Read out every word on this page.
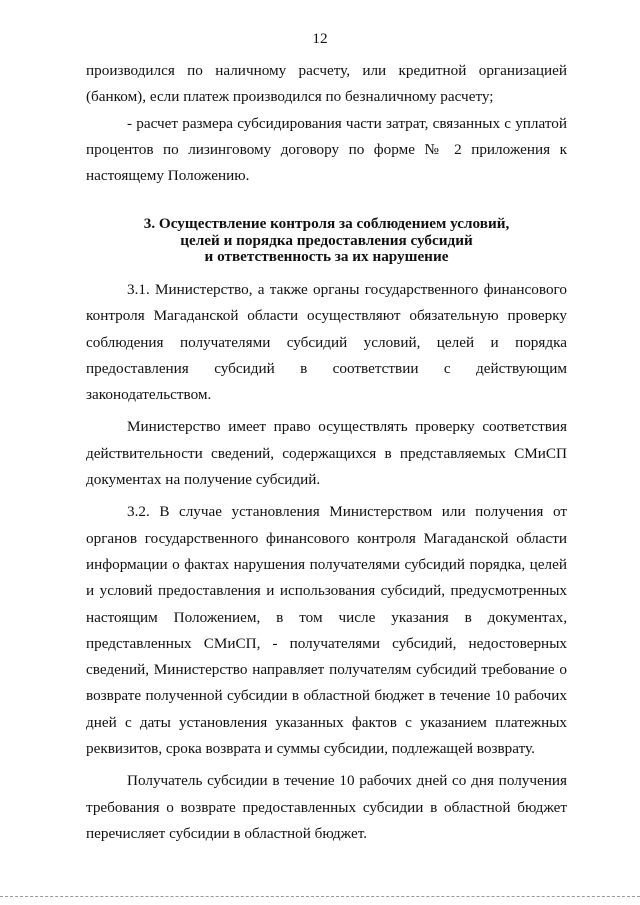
12

производился по наличному расчету, или кредитной организацией (банком), если платеж производился по безналичному расчету;

- расчет размера субсидирования части затрат, связанных с уплатой процентов по лизинговому договору по форме № 2 приложения к настоящему Положению.

3. Осуществление контроля за соблюдением условий,
целей и порядка предоставления субсидий
и ответственность за их нарушение

3.1. Министерство, а также органы государственного финансового контроля Магаданской области осуществляют обязательную проверку соблюдения получателями субсидий условий, целей и порядка предоставления субсидий в соответствии с действующим законодательством.

Министерство имеет право осуществлять проверку соответствия действительности сведений, содержащихся в представляемых СМиСП документах на получение субсидий.

3.2. В случае установления Министерством или получения от органов государственного финансового контроля Магаданской области информации о фактах нарушения получателями субсидий порядка, целей и условий предоставления и использования субсидий, предусмотренных настоящим Положением, в том числе указания в документах, представленных СМиСП, - получателями субсидий, недостоверных сведений, Министерство направляет получателям субсидий требование о возврате полученной субсидии в областной бюджет в течение 10 рабочих дней с даты установления указанных фактов с указанием платежных реквизитов, срока возврата и суммы субсидии, подлежащей возврату.

Получатель субсидии в течение 10 рабочих дней со дня получения требования о возврате предоставленных субсидии в областной бюджет перечисляет субсидии в областной бюджет.
